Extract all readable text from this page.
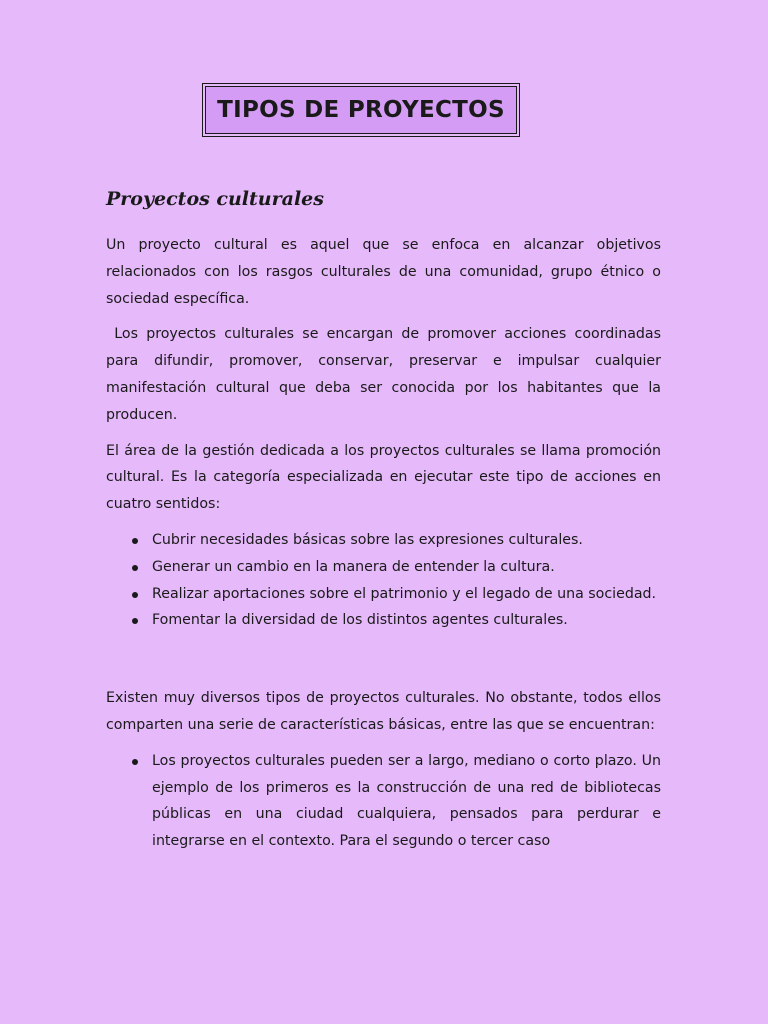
TIPOS DE PROYECTOS
Proyectos culturales

Un proyecto cultural es aquel que se enfoca en alcanzar objetivos relacionados con los rasgos culturales de una comunidad, grupo étnico o sociedad específica.

Los proyectos culturales se encargan de promover acciones coordinadas para difundir, promover, conservar, preservar e impulsar cualquier manifestación cultural que deba ser conocida por los habitantes que la producen.

El área de la gestión dedicada a los proyectos culturales se llama promoción cultural. Es la categoría especializada en ejecutar este tipo de acciones en cuatro sentidos:

Cubrir necesidades básicas sobre las expresiones culturales.
Generar un cambio en la manera de entender la cultura.
Realizar aportaciones sobre el patrimonio y el legado de una sociedad.
Fomentar la diversidad de los distintos agentes culturales.

Existen muy diversos tipos de proyectos culturales. No obstante, todos ellos comparten una serie de características básicas, entre las que se encuentran:

Los proyectos culturales pueden ser a largo, mediano o corto plazo. Un ejemplo de los primeros es la construcción de una red de bibliotecas públicas en una ciudad cualquiera, pensados para perdurar e integrarse en el contexto. Para el segundo o tercer caso
